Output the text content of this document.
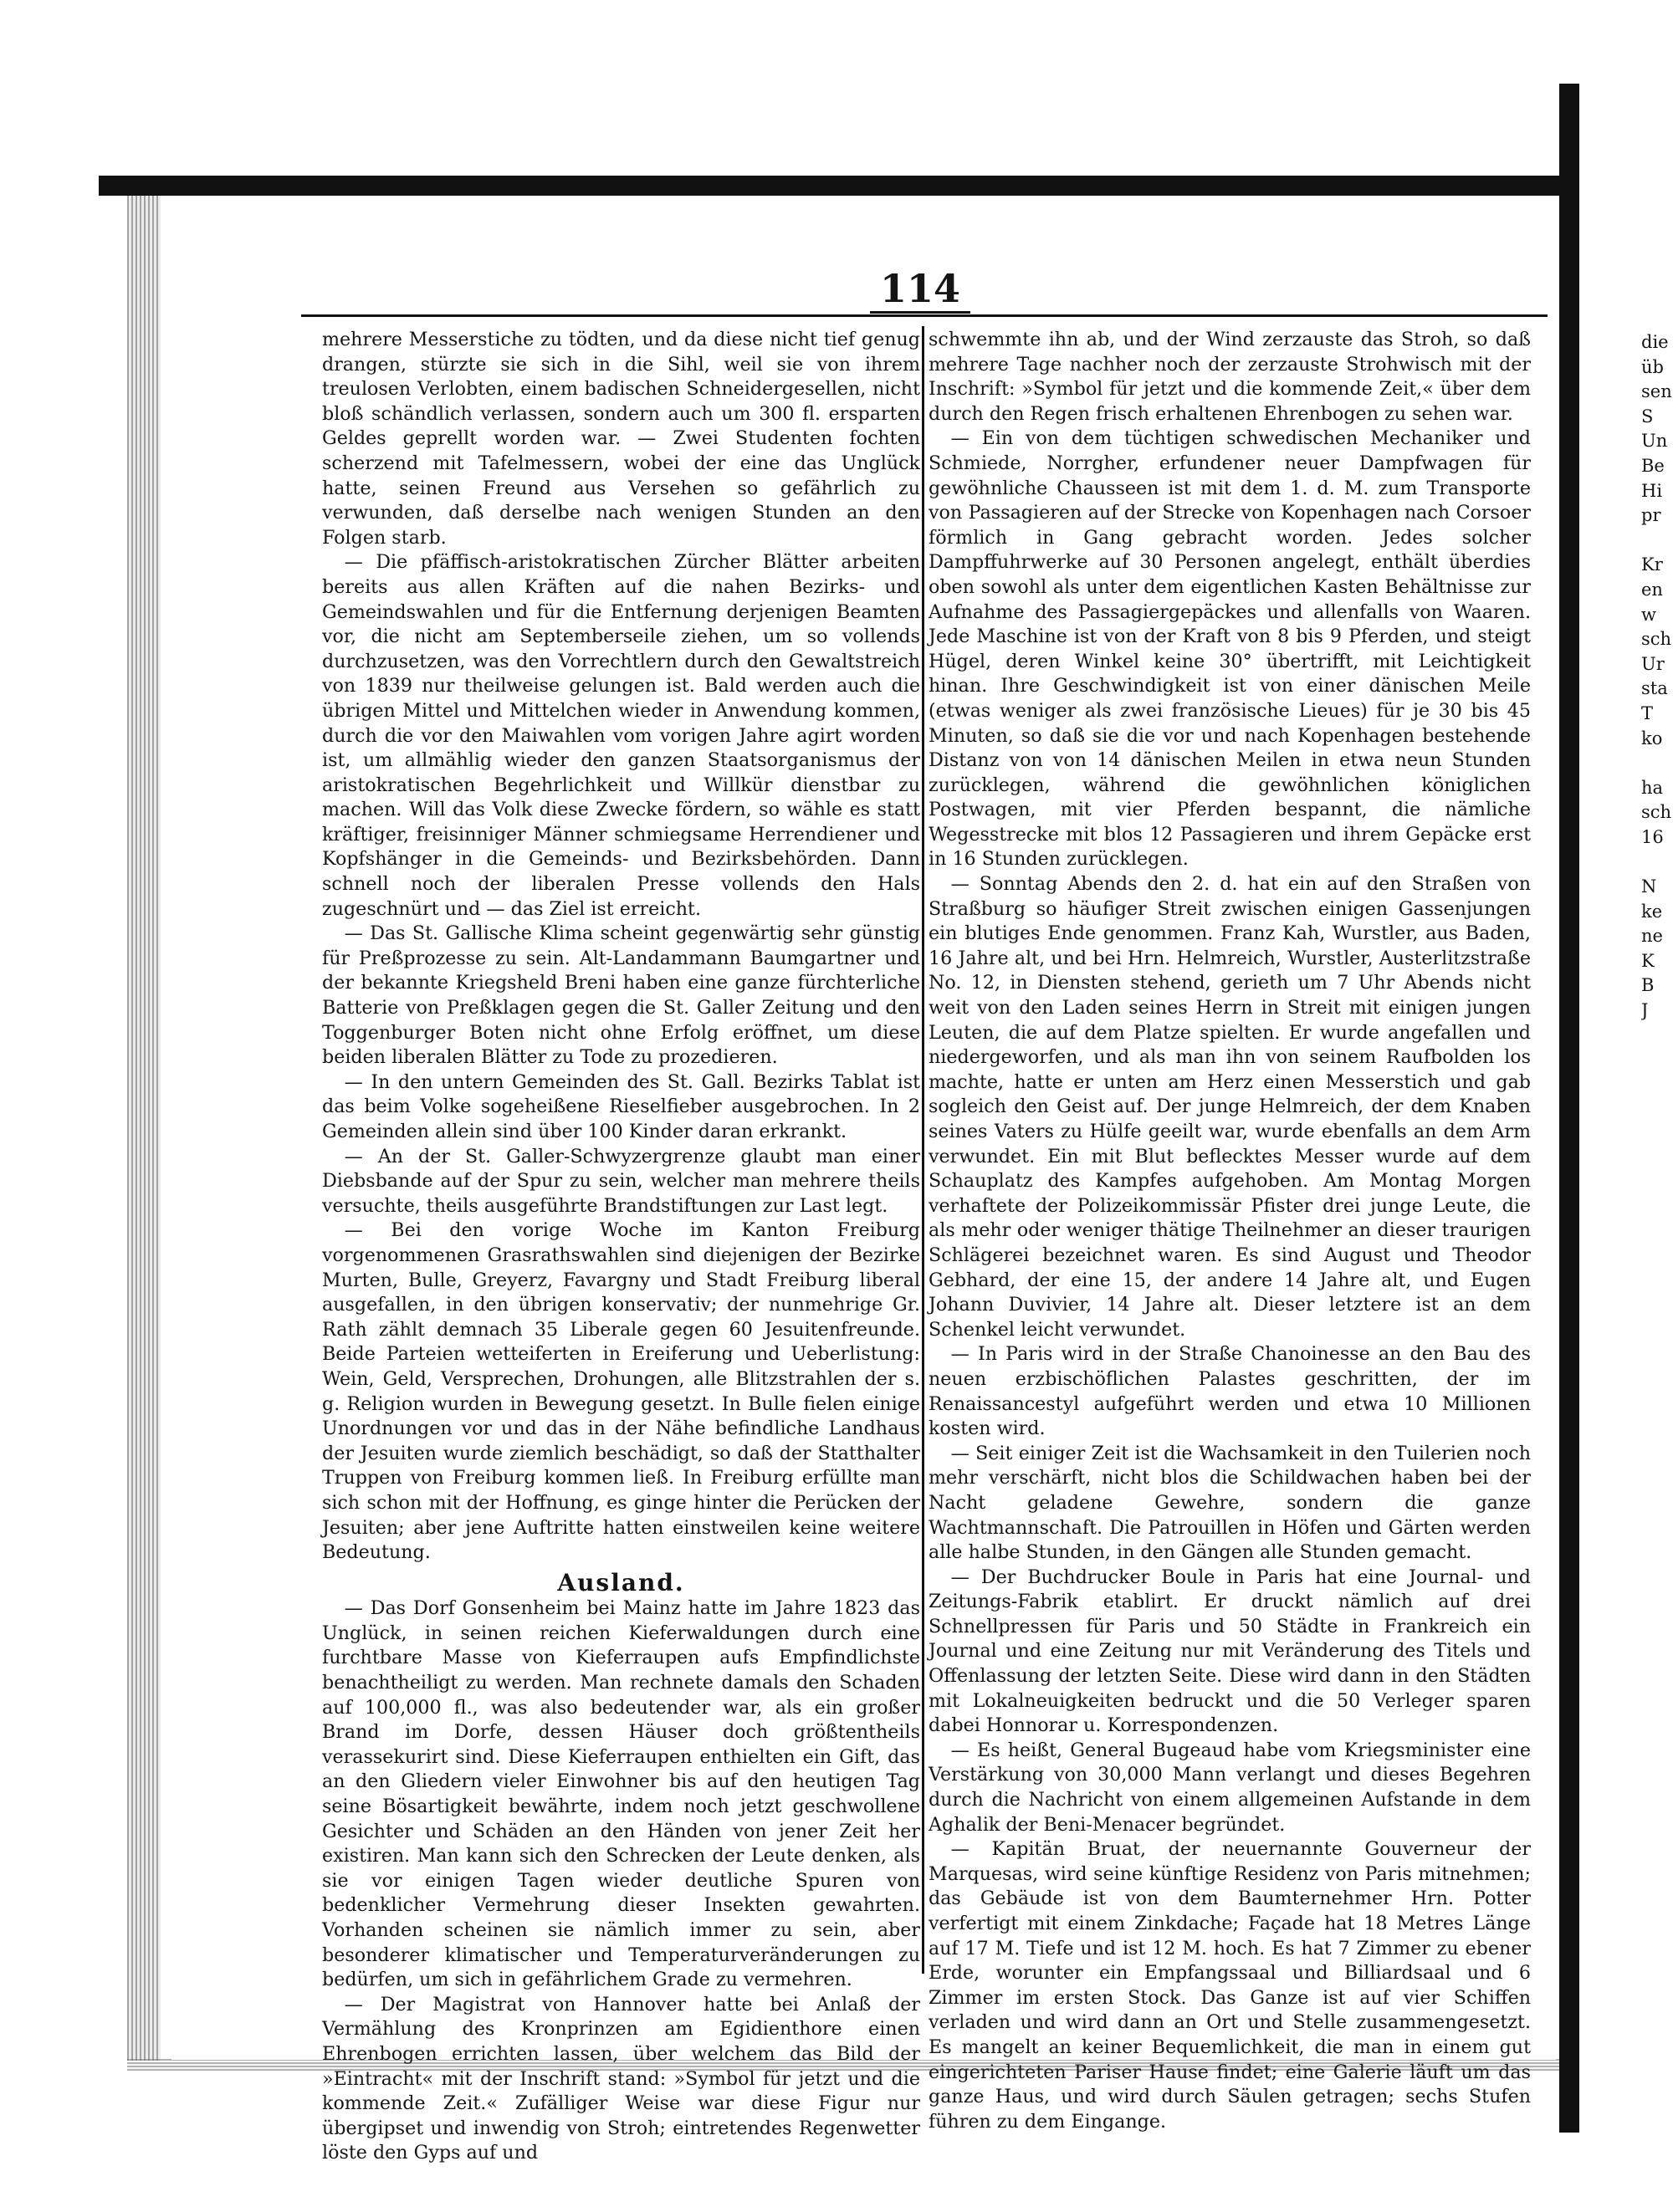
114

mehrere Messerstiche zu tödten, und da diese nicht tief genug drangen, stürzte sie sich in die Sihl, weil sie von ihrem treulosen Verlobten, einem badischen Schneidergesellen, nicht bloß schändlich verlassen, sondern auch um 300 fl. ersparten Geldes geprellt worden war. — Zwei Studenten fochten scherzend mit Tafelmessern, wobei der eine das Unglück hatte, seinen Freund aus Versehen so gefährlich zu verwunden, daß derselbe nach wenigen Stunden an den Folgen starb.

— Die pfäffisch-aristokratischen Zürcher Blätter arbeiten bereits aus allen Kräften auf die nahen Bezirks- und Gemeindswahlen und für die Entfernung derjenigen Beamten vor, die nicht am Septemberseile ziehen, um so vollends durchzusetzen, was den Vorrechtlern durch den Gewaltstreich von 1839 nur theilweise gelungen ist. Bald werden auch die übrigen Mittel und Mittelchen wieder in Anwendung kommen, durch die vor den Maiwahlen vom vorigen Jahre agirt worden ist, um allmählig wieder den ganzen Staatsorganismus der aristokratischen Begehrlichkeit und Willkür dienstbar zu machen. Will das Volk diese Zwecke fördern, so wähle es statt kräftiger, freisinniger Männer schmiegsame Herrendiener und Kopfshänger in die Gemeinds- und Bezirksbehörden. Dann schnell noch der liberalen Presse vollends den Hals zugeschnürt und — das Ziel ist erreicht.

— Das St. Gallische Klima scheint gegenwärtig sehr günstig für Preßprozesse zu sein. Alt-Landammann Baumgartner und der bekannte Kriegsheld Breni haben eine ganze fürchterliche Batterie von Preßklagen gegen die St. Galler Zeitung und den Toggenburger Boten nicht ohne Erfolg eröffnet, um diese beiden liberalen Blätter zu Tode zu prozedieren.

— In den untern Gemeinden des St. Gall. Bezirks Tablat ist das beim Volke sogeheißene Rieselfieber ausgebrochen. In 2 Gemeinden allein sind über 100 Kinder daran erkrankt.

— An der St. Galler-Schwyzergrenze glaubt man einer Diebsbande auf der Spur zu sein, welcher man mehrere theils versuchte, theils ausgeführte Brandstiftungen zur Last legt.

— Bei den vorige Woche im Kanton Freiburg vorgenommenen Grasrathswahlen sind diejenigen der Bezirke Murten, Bulle, Greyerz, Favargny und Stadt Freiburg liberal ausgefallen, in den übrigen konservativ; der nunmehrige Gr. Rath zählt demnach 35 Liberale gegen 60 Jesuitenfreunde. Beide Parteien wetteiferten in Ereiferung und Ueberlistung: Wein, Geld, Versprechen, Drohungen, alle Blitzstrahlen der s. g. Religion wurden in Bewegung gesetzt. In Bulle fielen einige Unordnungen vor und das in der Nähe befindliche Landhaus der Jesuiten wurde ziemlich beschädigt, so daß der Statthalter Truppen von Freiburg kommen ließ. In Freiburg erfüllte man sich schon mit der Hoffnung, es ginge hinter die Perücken der Jesuiten; aber jene Auftritte hatten einstweilen keine weitere Bedeutung.

Ausland.

— Das Dorf Gonsenheim bei Mainz hatte im Jahre 1823 das Unglück, in seinen reichen Kieferwaldungen durch eine furchtbare Masse von Kieferraupen aufs Empfindlichste benachtheiligt zu werden. Man rechnete damals den Schaden auf 100,000 fl., was also bedeutender war, als ein großer Brand im Dorfe, dessen Häuser doch größtentheils verassekurirt sind. Diese Kieferraupen enthielten ein Gift, das an den Gliedern vieler Einwohner bis auf den heutigen Tag seine Bösartigkeit bewährte, indem noch jetzt geschwollene Gesichter und Schäden an den Händen von jener Zeit her existiren. Man kann sich den Schrecken der Leute denken, als sie vor einigen Tagen wieder deutliche Spuren von bedenklicher Vermehrung dieser Insekten gewahrten. Vorhanden scheinen sie nämlich immer zu sein, aber besonderer klimatischer und Temperaturveränderungen zu bedürfen, um sich in gefährlichem Grade zu vermehren.

— Der Magistrat von Hannover hatte bei Anlaß der Vermählung des Kronprinzen am Egidienthore einen Ehrenbogen errichten lassen, über welchem das Bild der »Eintracht« mit der Inschrift stand: »Symbol für jetzt und die kommende Zeit.« Zufälliger Weise war diese Figur nur übergipset und inwendig von Stroh; eintretendes Regenwetter löste den Gyps auf und

schwemmte ihn ab, und der Wind zerzauste das Stroh, so daß mehrere Tage nachher noch der zerzauste Strohwisch mit der Inschrift: »Symbol für jetzt und die kommende Zeit,« über dem durch den Regen frisch erhaltenen Ehrenbogen zu sehen war.

— Ein von dem tüchtigen schwedischen Mechaniker und Schmiede, Norrgher, erfundener neuer Dampfwagen für gewöhnliche Chausseen ist mit dem 1. d. M. zum Transporte von Passagieren auf der Strecke von Kopenhagen nach Corsoer förmlich in Gang gebracht worden. Jedes solcher Dampffuhrwerke auf 30 Personen angelegt, enthält überdies oben sowohl als unter dem eigentlichen Kasten Behältnisse zur Aufnahme des Passagiergepäckes und allenfalls von Waaren. Jede Maschine ist von der Kraft von 8 bis 9 Pferden, und steigt Hügel, deren Winkel keine 30° übertrifft, mit Leichtigkeit hinan. Ihre Geschwindigkeit ist von einer dänischen Meile (etwas weniger als zwei französische Lieues) für je 30 bis 45 Minuten, so daß sie die vor und nach Kopenhagen bestehende Distanz von von 14 dänischen Meilen in etwa neun Stunden zurücklegen, während die gewöhnlichen königlichen Postwagen, mit vier Pferden bespannt, die nämliche Wegesstrecke mit blos 12 Passagieren und ihrem Gepäcke erst in 16 Stunden zurücklegen.

— Sonntag Abends den 2. d. hat ein auf den Straßen von Straßburg so häufiger Streit zwischen einigen Gassenjungen ein blutiges Ende genommen. Franz Kah, Wurstler, aus Baden, 16 Jahre alt, und bei Hrn. Helmreich, Wurstler, Austerlitzstraße No. 12, in Diensten stehend, gerieth um 7 Uhr Abends nicht weit von den Laden seines Herrn in Streit mit einigen jungen Leuten, die auf dem Platze spielten. Er wurde angefallen und niedergeworfen, und als man ihn von seinem Raufbolden los machte, hatte er unten am Herz einen Messerstich und gab sogleich den Geist auf. Der junge Helmreich, der dem Knaben seines Vaters zu Hülfe geeilt war, wurde ebenfalls an dem Arm verwundet. Ein mit Blut beflecktes Messer wurde auf dem Schauplatz des Kampfes aufgehoben. Am Montag Morgen verhaftete der Polizeikommissär Pfister drei junge Leute, die als mehr oder weniger thätige Theilnehmer an dieser traurigen Schlägerei bezeichnet waren. Es sind August und Theodor Gebhard, der eine 15, der andere 14 Jahre alt, und Eugen Johann Duvivier, 14 Jahre alt. Dieser letztere ist an dem Schenkel leicht verwundet.

— In Paris wird in der Straße Chanoinesse an den Bau des neuen erzbischöflichen Palastes geschritten, der im Renaissancestyl aufgeführt werden und etwa 10 Millionen kosten wird.

— Seit einiger Zeit ist die Wachsamkeit in den Tuilerien noch mehr verschärft, nicht blos die Schildwachen haben bei der Nacht geladene Gewehre, sondern die ganze Wachtmannschaft. Die Patrouillen in Höfen und Gärten werden alle halbe Stunden, in den Gängen alle Stunden gemacht.

— Der Buchdrucker Boule in Paris hat eine Journal- und Zeitungs-Fabrik etablirt. Er druckt nämlich auf drei Schnellpressen für Paris und 50 Städte in Frankreich ein Journal und eine Zeitung nur mit Veränderung des Titels und Offenlassung der letzten Seite. Diese wird dann in den Städten mit Lokalneuigkeiten bedruckt und die 50 Verleger sparen dabei Honnorar u. Korrespondenzen.

— Es heißt, General Bugeaud habe vom Kriegsminister eine Verstärkung von 30,000 Mann verlangt und dieses Begehren durch die Nachricht von einem allgemeinen Aufstande in dem Aghalik der Beni-Menacer begründet.

— Kapitän Bruat, der neuernannte Gouverneur der Marquesas, wird seine künftige Residenz von Paris mitnehmen; das Gebäude ist von dem Baumternehmer Hrn. Potter verfertigt mit einem Zinkdache; Façade hat 18 Metres Länge auf 17 M. Tiefe und ist 12 M. hoch. Es hat 7 Zimmer zu ebener Erde, worunter ein Empfangssaal und Billiardsaal und 6 Zimmer im ersten Stock. Das Ganze ist auf vier Schiffen verladen und wird dann an Ort und Stelle zusammengesetzt. Es mangelt an keiner Bequemlichkeit, die man in einem gut eingerichteten Pariser Hause findet; eine Galerie läuft um das ganze Haus, und wird durch Säulen getragen; sechs Stufen führen zu dem Eingange.

die
üb
sen
S
Un
Be
Hi
pr
Kr
en
w
sch
Ur
sta
T
ko
ha
sch
16
N
ke
ne
K
B
J
